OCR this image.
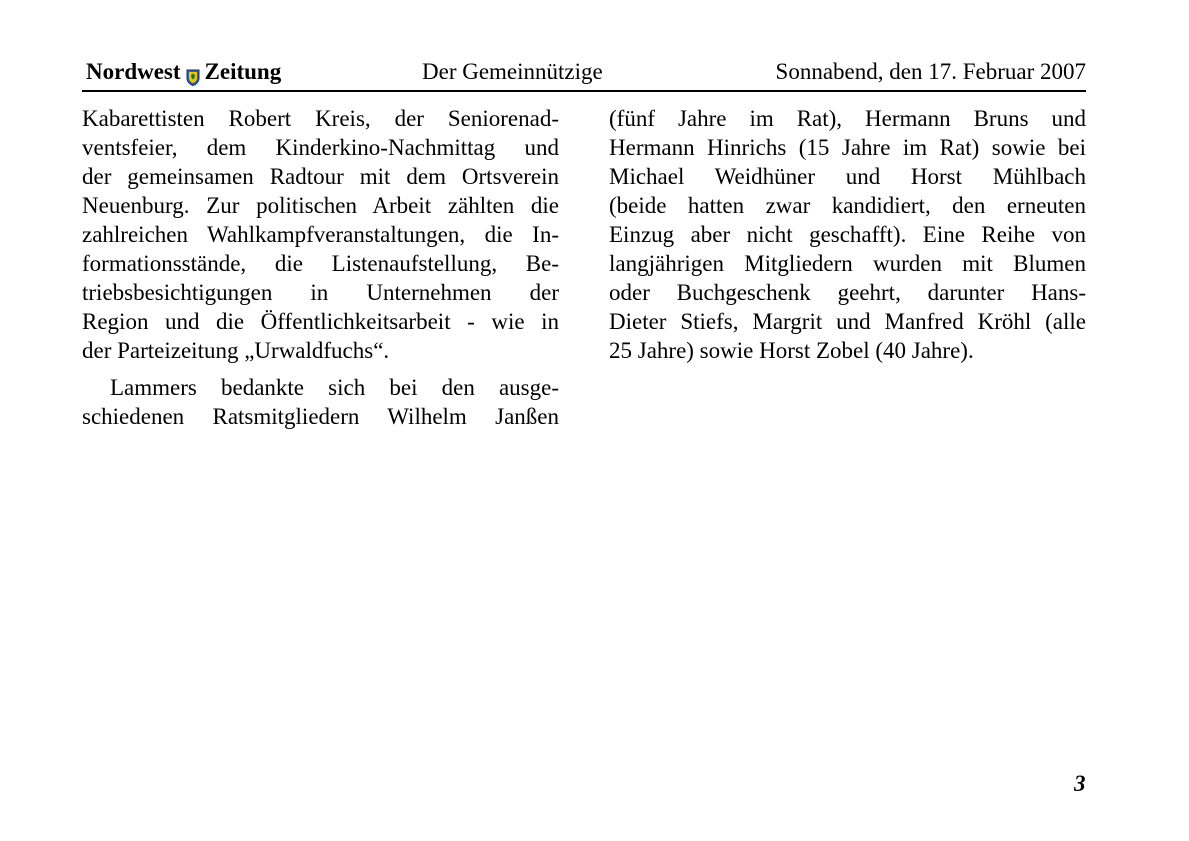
Nordwest Zeitung	Der Gemeinnützige	Sonnabend, den 17. Februar 2007
Kabarettisten Robert Kreis, der Seniorenad-
ventsfeier, dem Kinderkino-Nachmittag und
der gemeinsamen Radtour mit dem Ortsverein
Neuenburg. Zur politischen Arbeit zählten die
zahlreichen Wahlkampfveranstaltungen, die In-
formationsstände, die Listenaufstellung, Be-
triebsbesichtigungen in Unternehmen der
Region und die Öffentlichkeitsarbeit - wie in
der Parteizeitung „Urwaldfuchs“.
Lammers bedankte sich bei den ausge-
schiedenen Ratsmitgliedern Wilhelm Janßen
(fünf Jahre im Rat), Hermann Bruns und
Hermann Hinrichs (15 Jahre im Rat) sowie bei
Michael Weidhüner und Horst Mühlbach
(beide hatten zwar kandidiert, den erneuten
Einzug aber nicht geschafft). Eine Reihe von
langjährigen Mitgliedern wurden mit Blumen
oder Buchgeschenk geehrt, darunter Hans-
Dieter Stiefs, Margrit und Manfred Kröhl (alle
25 Jahre) sowie Horst Zobel (40 Jahre).
3
